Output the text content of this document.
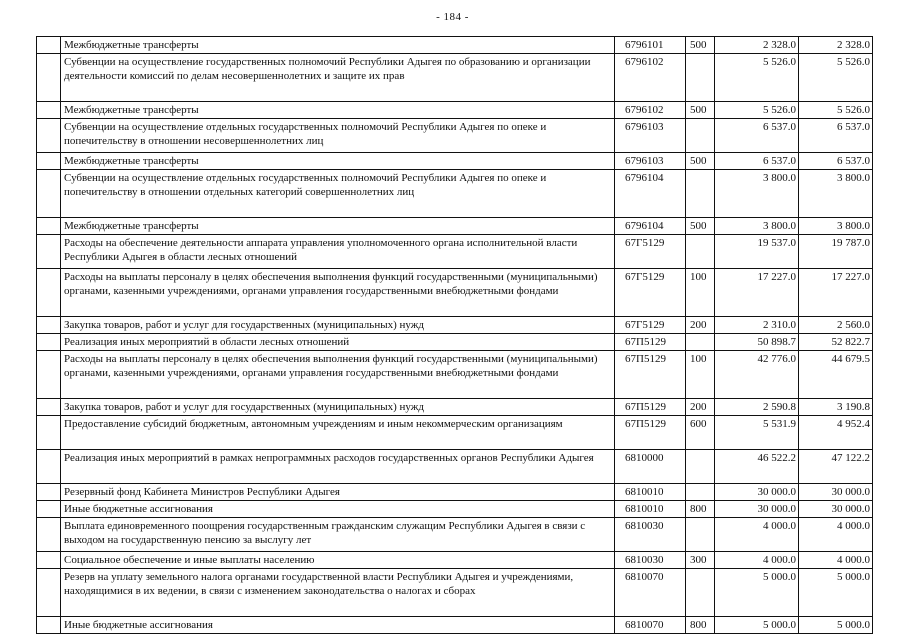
- 184 -
	Межбюджетные трансферты	6796101	500	2 328.0	2 328.0
	Субвенции на осуществление государственных полномочий Республики Адыгея по образованию и организации деятельности комиссий по делам несовершеннолетних и защите их прав	6796102		5 526.0	5 526.0
	Межбюджетные трансферты	6796102	500	5 526.0	5 526.0
	Субвенции на осуществление отдельных государственных полномочий Республики Адыгея по опеке и попечительству в отношении несовершеннолетних лиц	6796103		6 537.0	6 537.0
	Межбюджетные трансферты	6796103	500	6 537.0	6 537.0
	Субвенции на осуществление отдельных государственных полномочий Республики Адыгея по опеке и попечительству в отношении отдельных категорий совершеннолетних лиц	6796104		3 800.0	3 800.0
	Межбюджетные трансферты	6796104	500	3 800.0	3 800.0
	Расходы на обеспечение деятельности аппарата управления уполномоченного органа исполнительной власти Республики Адыгея в области лесных отношений	67Г5129		19 537.0	19 787.0
	Расходы на выплаты персоналу в целях обеспечения выполнения функций государственными (муниципальными) органами, казенными учреждениями, органами управления государственными внебюджетными фондами	67Г5129	100	17 227.0	17 227.0
	Закупка товаров, работ и услуг для государственных (муниципальных) нужд	67Г5129	200	2 310.0	2 560.0
	Реализация иных мероприятий в области лесных отношений	67П5129		50 898.7	52 822.7
	Расходы на выплаты персоналу в целях обеспечения выполнения функций государственными (муниципальными) органами, казенными учреждениями, органами управления государственными внебюджетными фондами	67П5129	100	42 776.0	44 679.5
	Закупка товаров, работ и услуг для государственных (муниципальных) нужд	67П5129	200	2 590.8	3 190.8
	Предоставление субсидий бюджетным, автономным учреждениям и иным некоммерческим организациям	67П5129	600	5 531.9	4 952.4
	Реализация иных мероприятий в рамках непрограммных расходов государственных органов Республики Адыгея	6810000		46 522.2	47 122.2
	Резервный фонд Кабинета Министров Республики Адыгея	6810010		30 000.0	30 000.0
	Иные бюджетные ассигнования	6810010	800	30 000.0	30 000.0
	Выплата единовременного поощрения государственным гражданским служащим Республики Адыгея в связи с выходом на государственную пенсию за выслугу лет	6810030		4 000.0	4 000.0
	Социальное обеспечение и иные выплаты населению	6810030	300	4 000.0	4 000.0
	Резерв на уплату земельного налога органами государственной власти Республики Адыгея и учреждениями, находящимися в их ведении, в связи с изменением законодательства о налогах и сборах	6810070		5 000.0	5 000.0
	Иные бюджетные ассигнования	6810070	800	5 000.0	5 000.0
